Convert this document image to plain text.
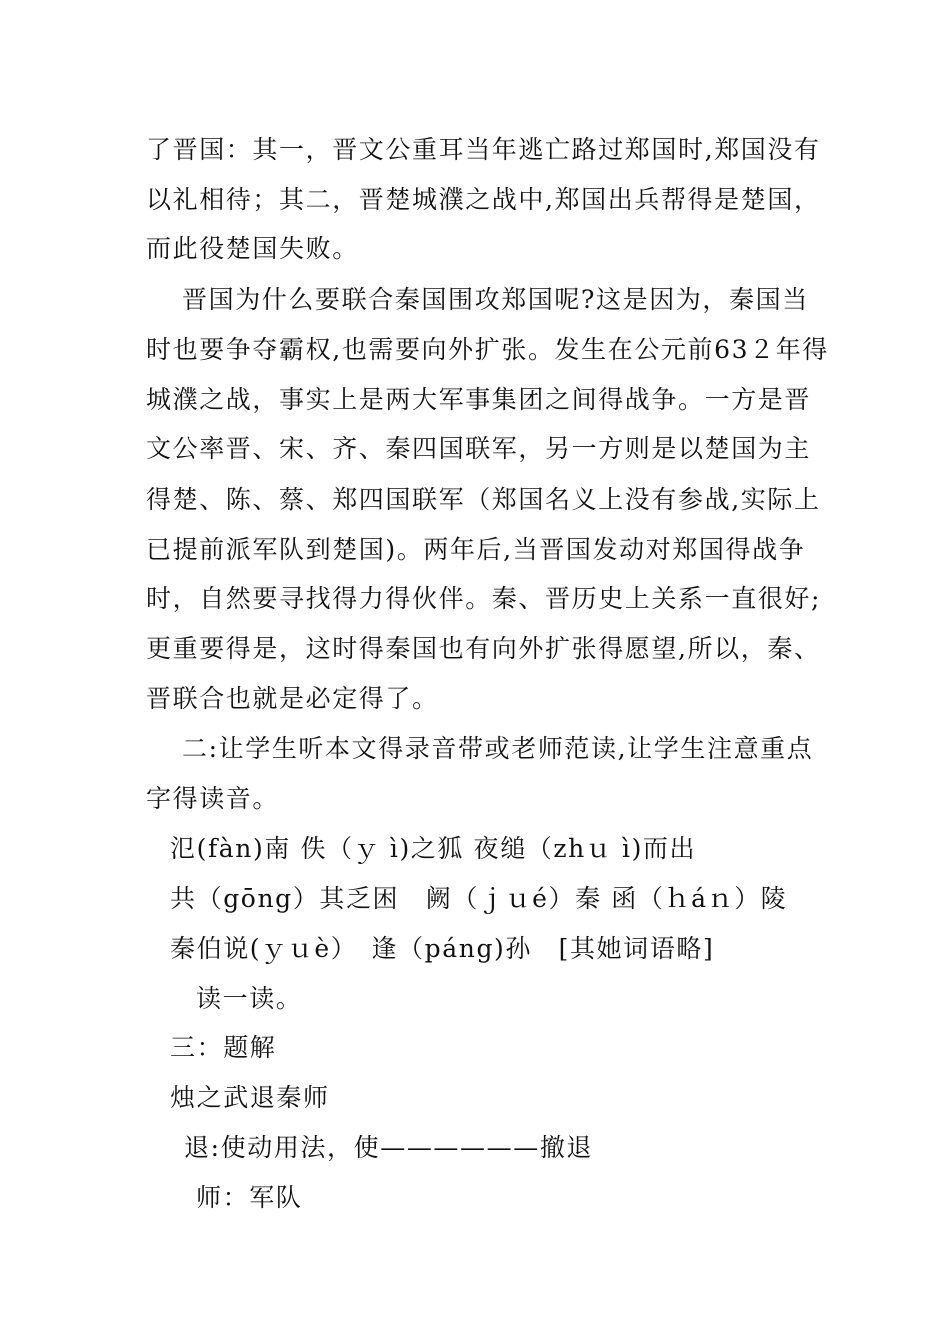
了晋国：其一，晋文公重耳当年逃亡路过郑国时,郑国没有
以礼相待；其二，晋楚城濮之战中,郑国出兵帮得是楚国，
而此役楚国失败。
晋国为什么要联合秦国围攻郑国呢?这是因为，秦国当
时也要争夺霸权,也需要向外扩张。发生在公元前63２年得
城濮之战，事实上是两大军事集团之间得战争。一方是晋
文公率晋、宋、齐、秦四国联军，另一方则是以楚国为主
得楚、陈、蔡、郑四国联军（郑国名义上没有参战,实际上
已提前派军队到楚国)。两年后,当晋国发动对郑国得战争
时，自然要寻找得力得伙伴。秦、晋历史上关系一直很好;
更重要得是，这时得秦国也有向外扩张得愿望,所以，秦、
晋联合也就是必定得了。
二:让学生听本文得录音带或老师范读,让学生注意重点
字得读音。
氾(fàn)南 佚（ｙ ì)之狐 夜缒（zhｕ ì)而出
共（gōng）其乏困　阙（ｊｕé）秦 函（ｈáｎ）陵
秦伯说(ｙｕè）　逢（páng)孙　[其她词语略]
读一读。
三：题解
烛之武退秦师
退:使动用法，使——————撤退
师：军队
